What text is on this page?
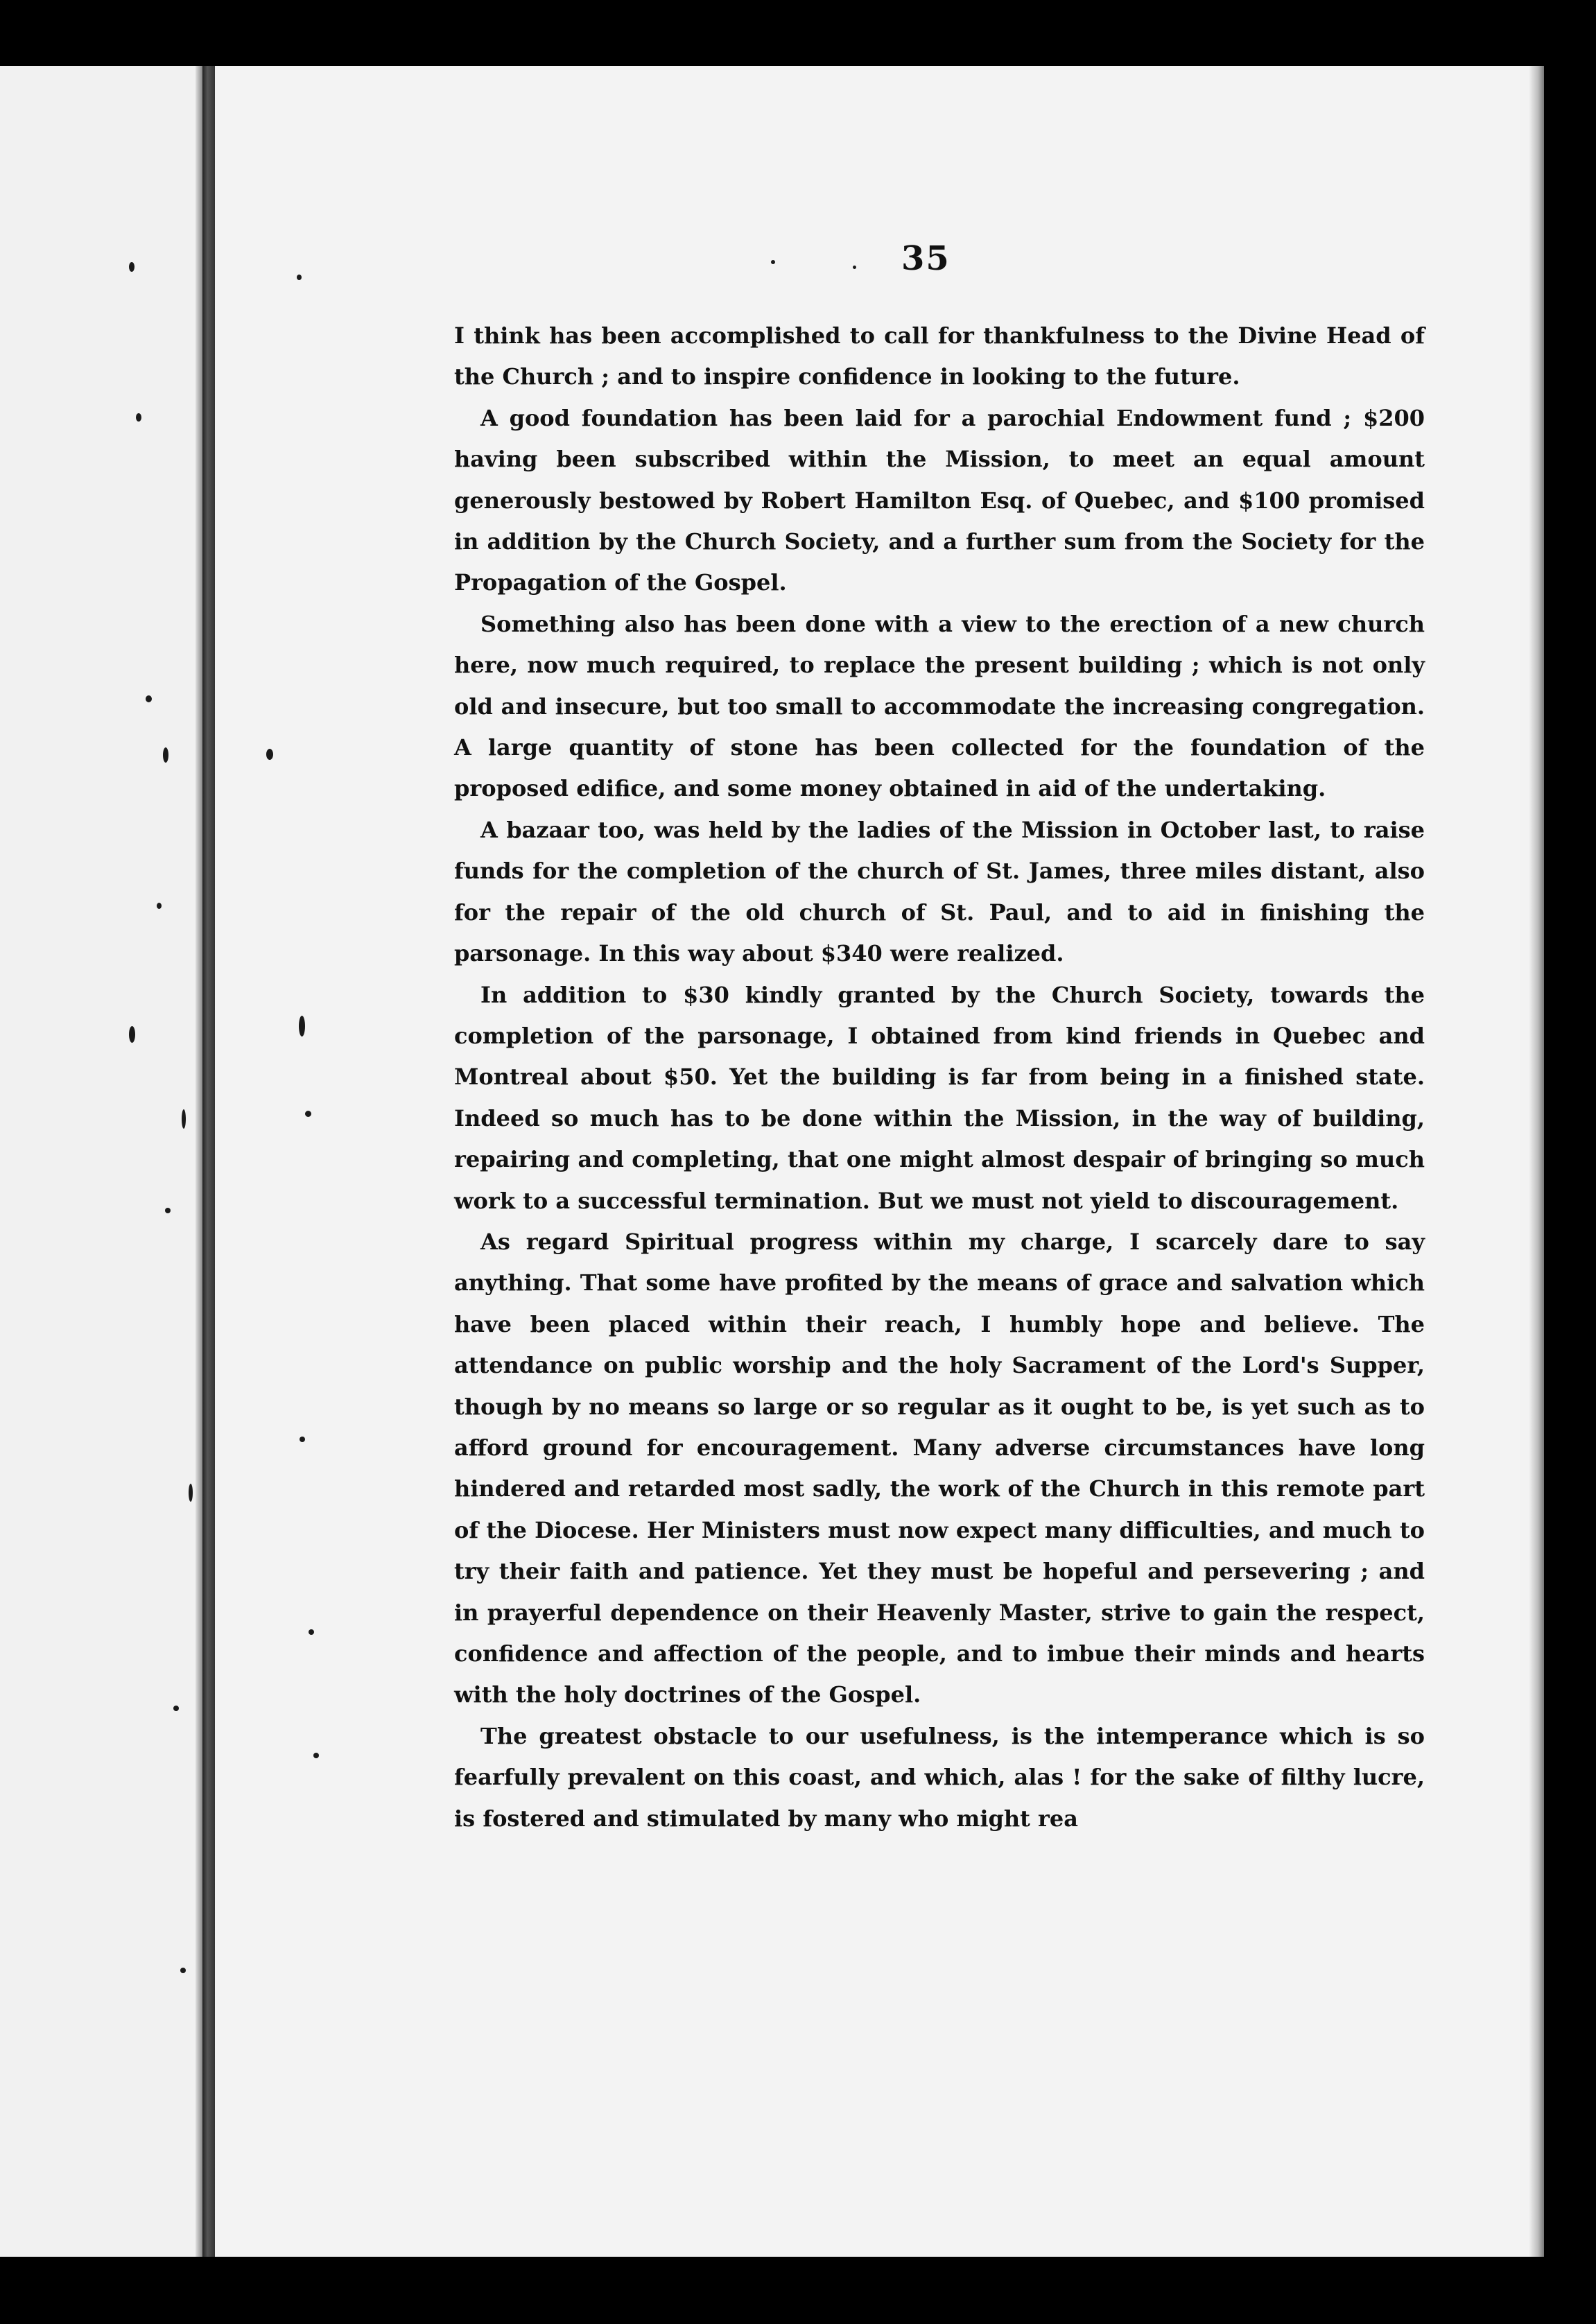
35

I think has been accomplished to call for thankfulness to the Divine Head of the Church ; and to inspire confidence in looking to the future.

A good foundation has been laid for a parochial Endowment fund ; $200 having been subscribed within the Mission, to meet an equal amount generously bestowed by Robert Hamilton Esq. of Quebec, and $100 promised in addition by the Church Society, and a further sum from the Society for the Propagation of the Gospel.

Something also has been done with a view to the erection of a new church here, now much required, to replace the present building ; which is not only old and insecure, but too small to accommodate the increasing congregation. A large quantity of stone has been collected for the foundation of the proposed edifice, and some money obtained in aid of the undertaking.

A bazaar too, was held by the ladies of the Mission in October last, to raise funds for the completion of the church of St. James, three miles distant, also for the repair of the old church of St. Paul, and to aid in finishing the parsonage. In this way about $340 were realized.

In addition to $30 kindly granted by the Church Society, towards the completion of the parsonage, I obtained from kind friends in Quebec and Montreal about $50. Yet the building is far from being in a finished state. Indeed so much has to be done within the Mission, in the way of building, repairing and completing, that one might almost despair of bringing so much work to a successful termination. But we must not yield to discouragement.

As regard Spiritual progress within my charge, I scarcely dare to say anything. That some have profited by the means of grace and salvation which have been placed within their reach, I humbly hope and believe. The attendance on public worship and the holy Sacrament of the Lord's Supper, though by no means so large or so regular as it ought to be, is yet such as to afford ground for encouragement. Many adverse circumstances have long hindered and retarded most sadly, the work of the Church in this remote part of the Diocese. Her Ministers must now expect many difficulties, and much to try their faith and patience. Yet they must be hopeful and persevering ; and in prayerful dependence on their Heavenly Master, strive to gain the respect, confidence and affection of the people, and to imbue their minds and hearts with the holy doctrines of the Gospel.

The greatest obstacle to our usefulness, is the intemperance which is so fearfully prevalent on this coast, and which, alas ! for the sake of filthy lucre, is fostered and stimulated by many who might rea
